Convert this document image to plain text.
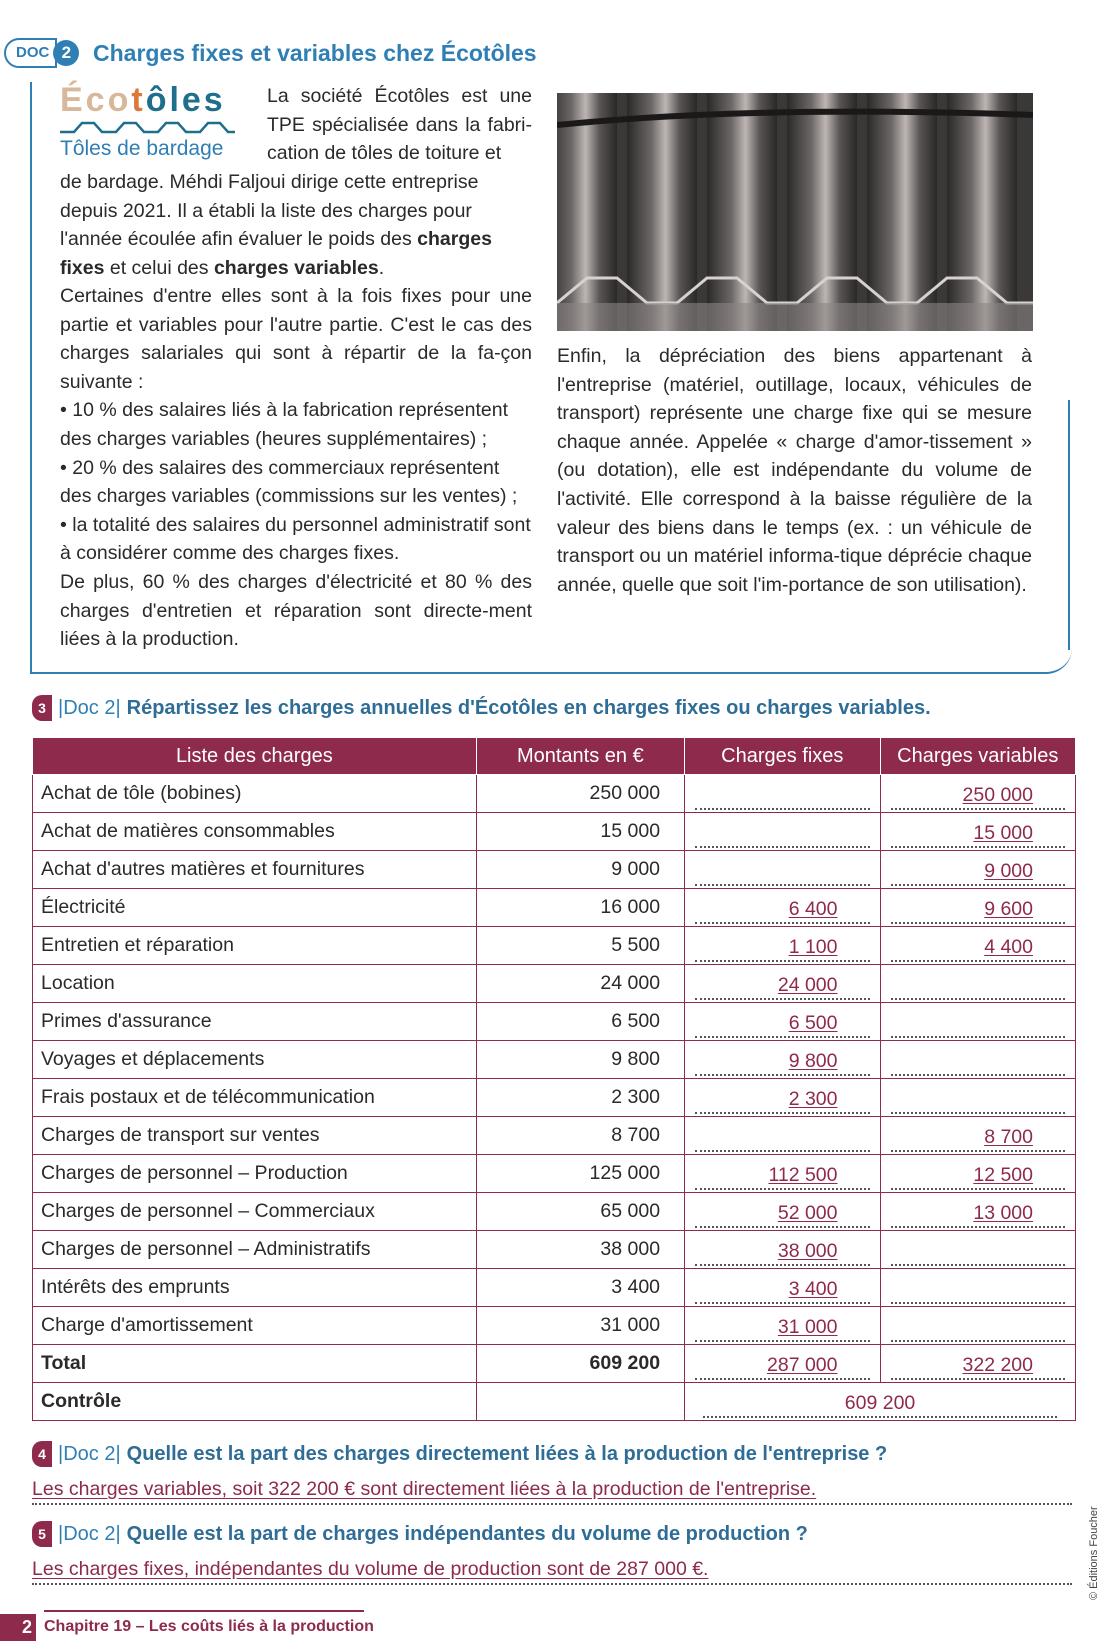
DOC 2 Charges fixes et variables chez Écotôles
Écotôles
Tôles de bardage
La société Écotôles est une TPE spécialisée dans la fabri-cation de tôles de toiture et
de bardage. Méhdi Faljoui dirige cette entreprise depuis 2021. Il a établi la liste des charges pour l'année écoulée afin évaluer le poids des charges fixes et celui des charges variables.
Certaines d'entre elles sont à la fois fixes pour une partie et variables pour l'autre partie. C'est le cas des charges salariales qui sont à répartir de la fa-çon suivante :
• 10 % des salaires liés à la fabrication représentent des charges variables (heures supplémentaires) ;
• 20 % des salaires des commerciaux représentent des charges variables (commissions sur les ventes) ;
• la totalité des salaires du personnel administratif sont à considérer comme des charges fixes.
De plus, 60 % des charges d'électricité et 80 % des charges d'entretien et réparation sont directe-ment liées à la production.
Enfin, la dépréciation des biens appartenant à l'entreprise (matériel, outillage, locaux, véhicules de transport) représente une charge fixe qui se mesure chaque année. Appelée « charge d'amor-tissement » (ou dotation), elle est indépendante du volume de l'activité. Elle correspond à la baisse régulière de la valeur des biens dans le temps (ex. : un véhicule de transport ou un matériel informa-tique déprécie chaque année, quelle que soit l'im-portance de son utilisation).
3 |Doc 2| Répartissez les charges annuelles d'Écotôles en charges fixes ou charges variables.
Liste des charges	Montants en €	Charges fixes	Charges variables
Achat de tôle (bobines)	250 000		250 000

Achat de matières consommables	15 000		15 000

Achat d'autres matières et fournitures	9 000		9 000

Électricité	16 000	6 400	9 600

Entretien et réparation	5 500	1 100	4 400

Location	24 000	24 000	

Primes d'assurance	6 500	6 500	

Voyages et déplacements	9 800	9 800	

Frais postaux et de télécommunication	2 300	2 300	

Charges de transport sur ventes	8 700		8 700

Charges de personnel – Production	125 000	112 500	12 500

Charges de personnel – Commerciaux	65 000	52 000	13 000

Charges de personnel – Administratifs	38 000	38 000	

Intérêts des emprunts	3 400	3 400	

Charge d'amortissement	31 000	31 000	

Total	609 200	287 000	322 200

Contrôle		609 200	
4 |Doc 2| Quelle est la part des charges directement liées à la production de l'entreprise ?
Les charges variables, soit 322 200 € sont directement liées à la production de l'entreprise.
5 |Doc 2| Quelle est la part de charges indépendantes du volume de production ?
Les charges fixes, indépendantes du volume de production sont de 287 000 €.
2 Chapitre 19 – Les coûts liés à la production
© Éditions Foucher
